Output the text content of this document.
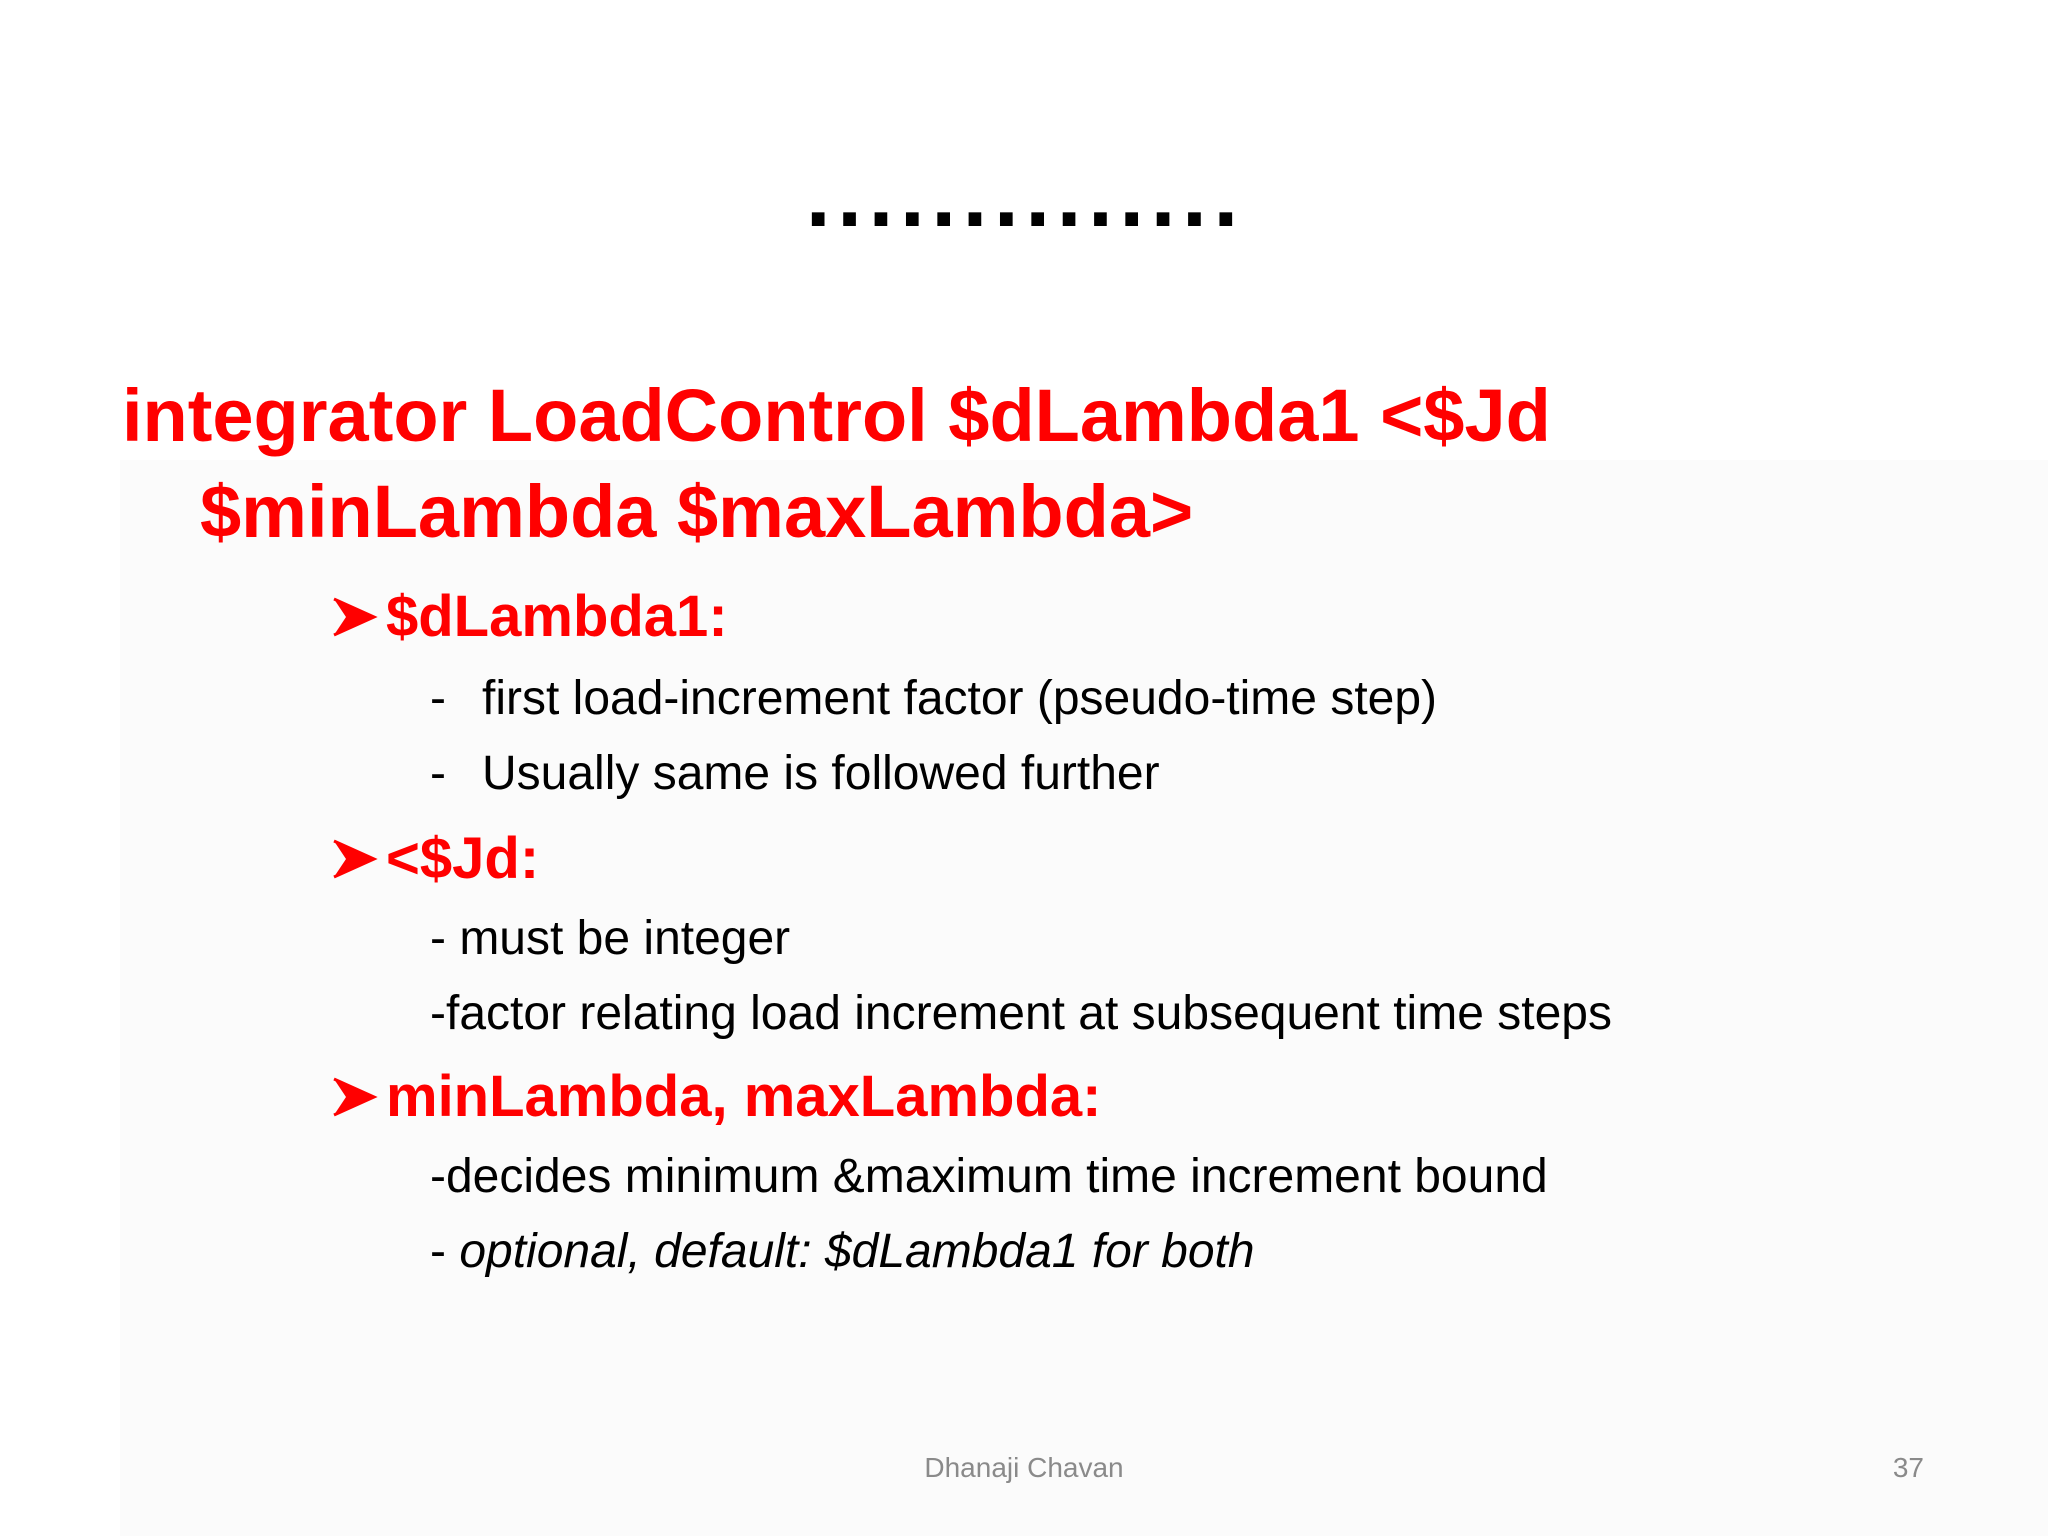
..............
integrator LoadControl $dLambda1 <$Jd
$minLambda $maxLambda>
$dLambda1:
- first load-increment factor (pseudo-time step)
- Usually same is followed further
<$Jd:
- must be integer
-factor relating load increment at subsequent time steps
minLambda, maxLambda:
-decides minimum &maximum time increment bound
- optional, default: $dLambda1 for both
Dhanaji Chavan	37
